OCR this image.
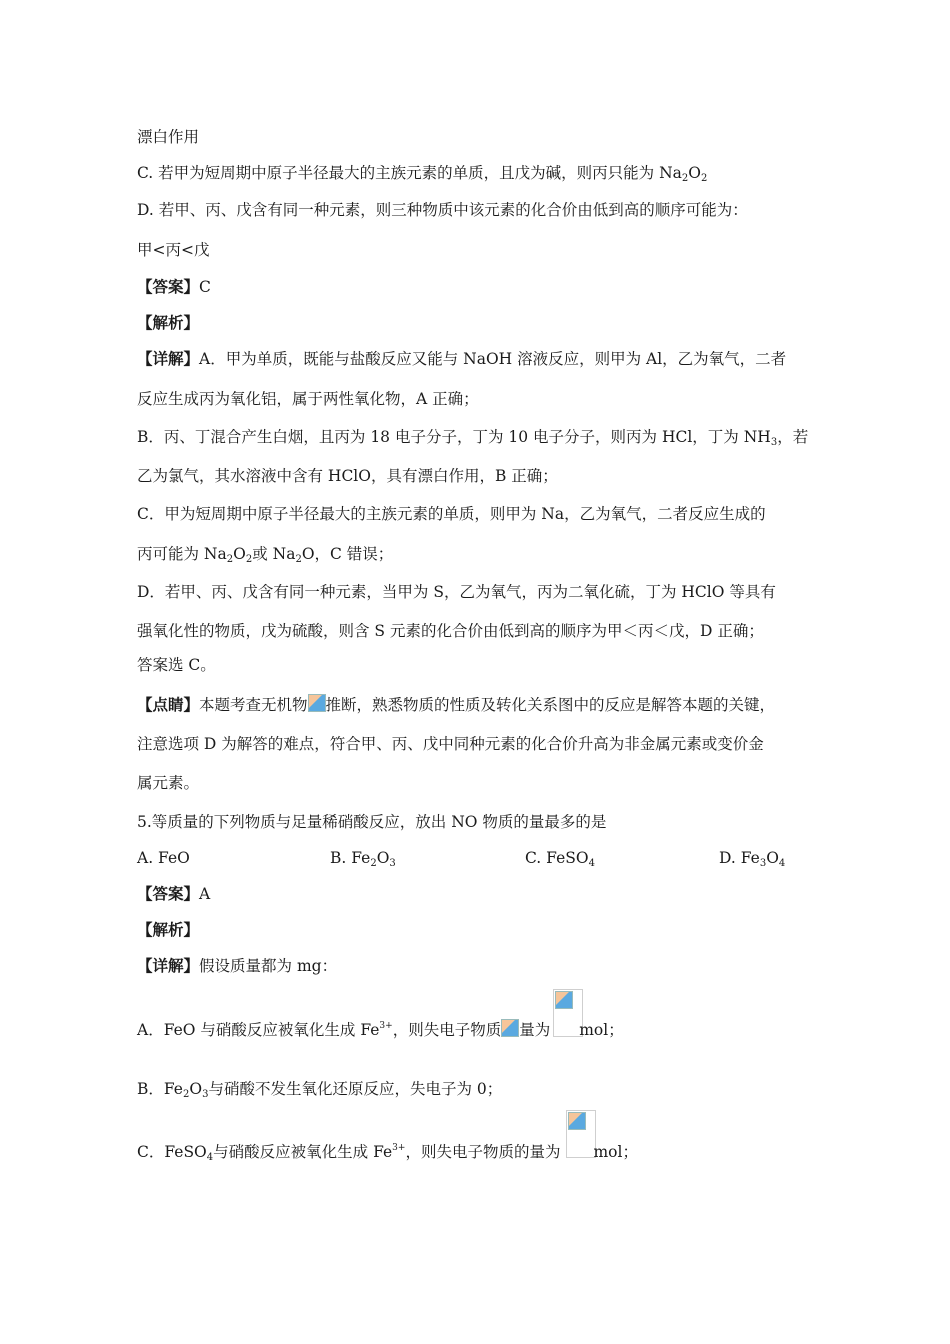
漂白作用
C. 若甲为短周期中原子半径最大的主族元素的单质，且戊为碱，则丙只能为 $Na_2O_2$
D. 若甲、丙、戊含有同一种元素，则三种物质中该元素的化合价由低到高的顺序可能为：
甲<丙<戊
【答案】C
【解析】
【详解】A．甲为单质，既能与盐酸反应又能与 NaOH 溶液反应，则甲为 Al，乙为氧气，二者
反应生成丙为氧化铝，属于两性氧化物，A 正确；
B．丙、丁混合产生白烟，且丙为 18 电子分子，丁为 10 电子分子，则丙为 HCl，丁为 $NH_3$，若
乙为氯气，其水溶液中含有 HClO，具有漂白作用，B 正确；
C．甲为短周期中原子半径最大的主族元素的单质，则甲为 Na，乙为氧气，二者反应生成的
丙可能为 $Na_2O_2$或 $Na_2O$，C 错误；
D．若甲、丙、戊含有同一种元素，当甲为 S，乙为氧气，丙为二氧化硫，丁为 HClO 等具有
强氧化性的物质，戊为硫酸，则含 S 元素的化合价由低到高的顺序为甲＜丙＜戊，D 正确；
答案选 C。
【点睛】本题考查无机物 推断，熟悉物质的性质及转化关系图中的反应是解答本题的关键，
注意选项 D 为解答的难点，符合甲、丙、戊中同种元素的化合价升高为非金属元素或变价金
属元素。
5.等质量的下列物质与足量稀硝酸反应，放出 NO 物质的量最多的是
A. FeO	B. $Fe_2O_3$	C. FeSO$_4$	D. $Fe_3O_4$
【答案】A
【解析】
【详解】假设质量都为 mg：
A．FeO 与硝酸反应被氧化生成 $Fe^{3+}$，则失电子物质 量为 mol；
B．$Fe_2O_3$与硝酸不发生氧化还原反应，失电子为 0；
C．FeSO$_4$与硝酸反应被氧化生成 $Fe^{3+}$，则失电子物质的量为 mol；
